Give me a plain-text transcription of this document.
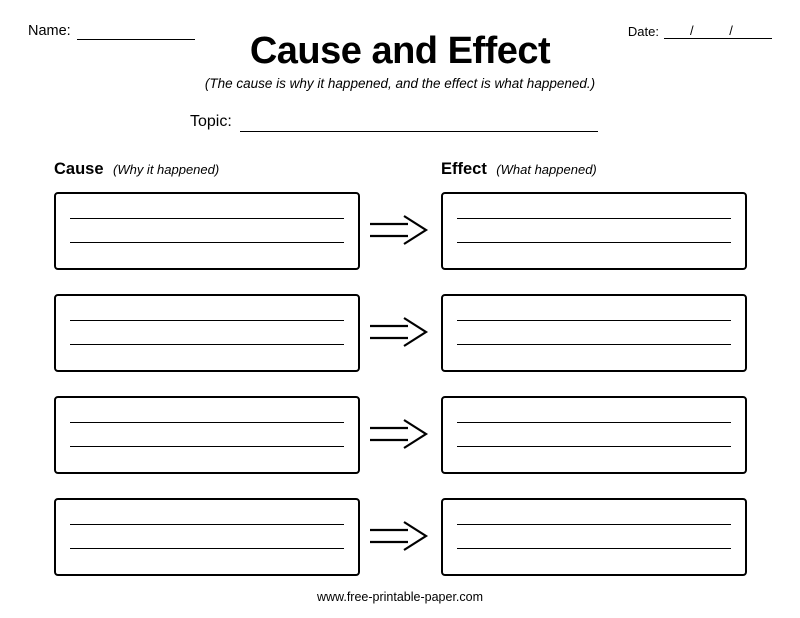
Name:	Cause and Effect
(The cause is why it happened, and the effect is what happened.)
Date: / /
Topic:
Cause (Why it happened)	Effect (What happened)
www.free-printable-paper.com
